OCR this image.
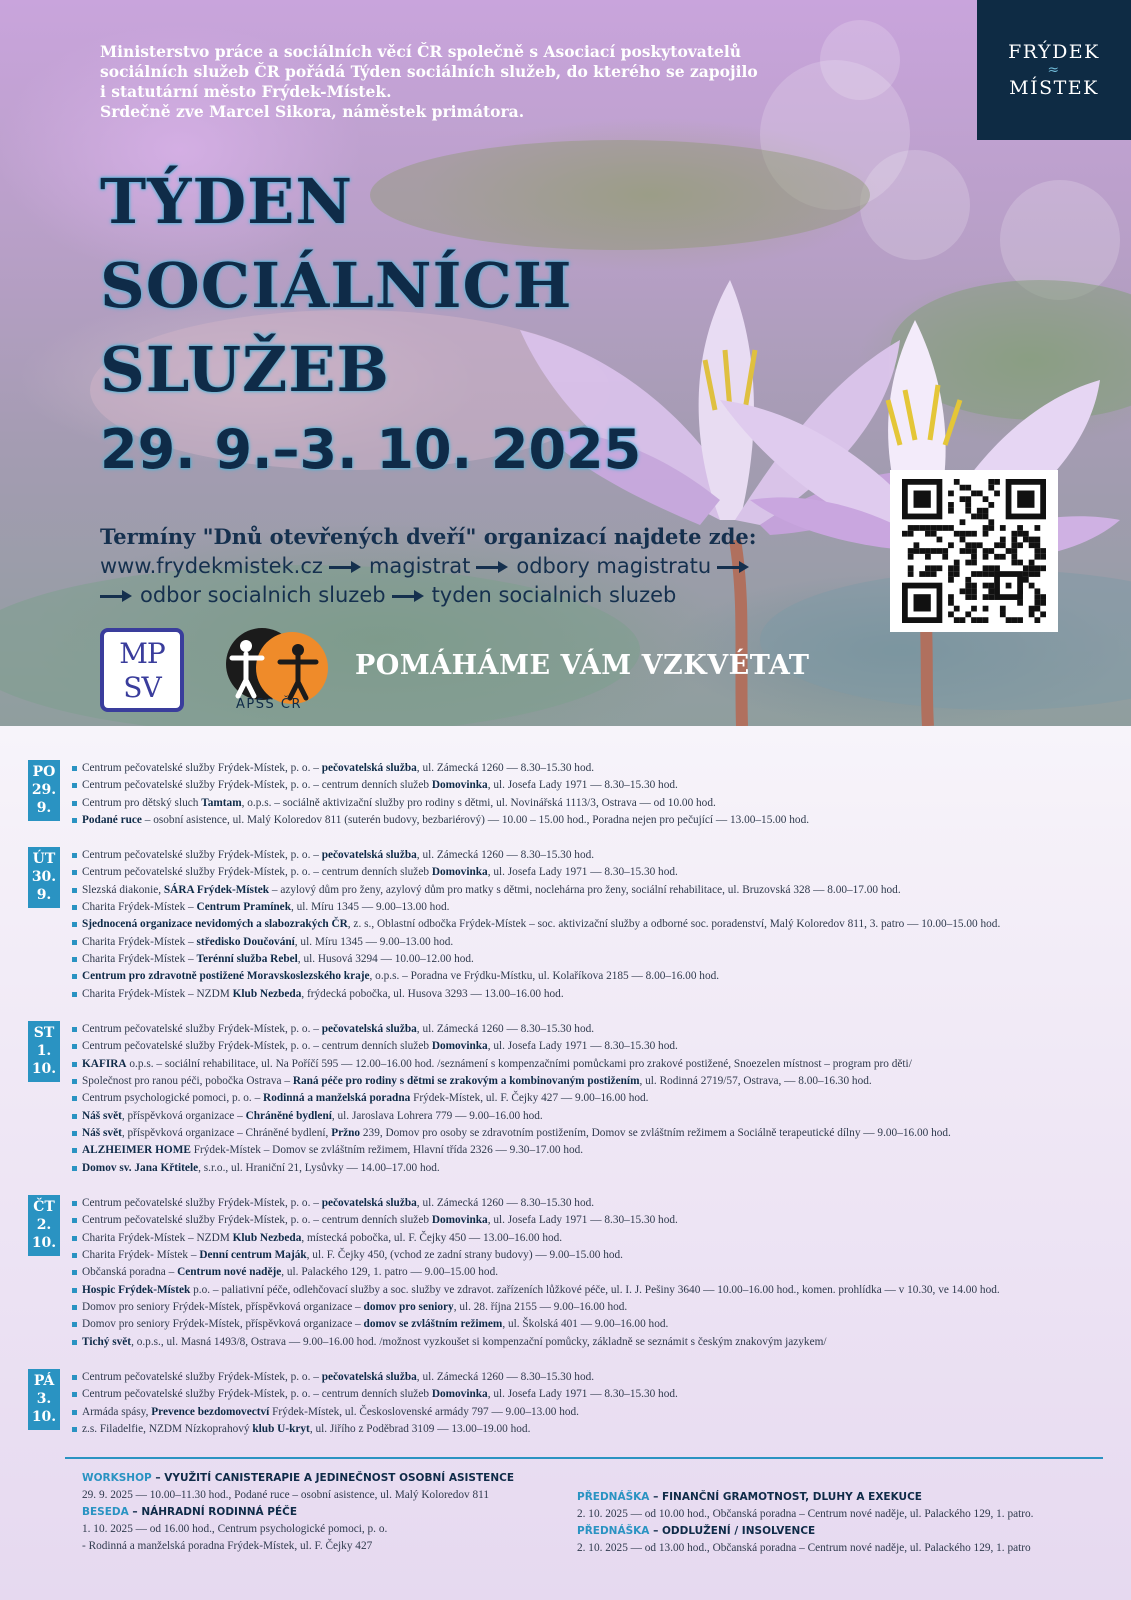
Ministerstvo práce a sociálních věcí ČR společně s Asociací poskytovatelů
sociálních služeb ČR pořádá Týden sociálních služeb, do kterého se zapojilo
i statutární město Frýdek-Místek.
Srdečně zve Marcel Sikora, náměstek primátora.
FRÝDEK
≈
MÍSTEK
TÝDEN
SOCIÁLNÍCH
SLUŽEB
29. 9.–3. 10. 2025
Termíny "Dnů otevřených dveří" organizací najdete zde:
www.frydekmistek.cz magistrat odbory magistratu
odbor socialnich sluzeb tyden socialnich sluzeb
MP
SV
APSS ČR
POMÁHÁME VÁM VZKVÉTAT
PO
29.
9.
Centrum pečovatelské služby Frýdek-Místek, p. o. – pečovatelská služba, ul. Zámecká 1260 — 8.30–15.30 hod.
Centrum pečovatelské služby Frýdek-Místek, p. o. – centrum denních služeb Domovinka, ul. Josefa Lady 1971 — 8.30–15.30 hod.
Centrum pro dětský sluch Tamtam, o.p.s. – sociálně aktivizační služby pro rodiny s dětmi, ul. Novinářská 1113/3, Ostrava — od 10.00 hod.
Podané ruce – osobní asistence, ul. Malý Koloredov 811 (suterén budovy, bezbariérový) — 10.00 – 15.00 hod., Poradna nejen pro pečující — 13.00–15.00 hod.
ÚT
30.
9.
Centrum pečovatelské služby Frýdek-Místek, p. o. – pečovatelská služba, ul. Zámecká 1260 — 8.30–15.30 hod.
Centrum pečovatelské služby Frýdek-Místek, p. o. – centrum denních služeb Domovinka, ul. Josefa Lady 1971 — 8.30–15.30 hod.
Slezská diakonie, SÁRA Frýdek-Místek – azylový dům pro ženy, azylový dům pro matky s dětmi, noclehárna pro ženy, sociální rehabilitace, ul. Bruzovská 328 — 8.00–17.00 hod.
Charita Frýdek-Místek – Centrum Pramínek, ul. Míru 1345 — 9.00–13.00 hod.
Sjednocená organizace nevidomých a slabozrakých ČR, z. s., Oblastní odbočka Frýdek-Místek – soc. aktivizační služby a odborné soc. poradenství, Malý Koloredov 811, 3. patro — 10.00–15.00 hod.
Charita Frýdek-Místek – středisko Doučování, ul. Míru 1345 — 9.00–13.00 hod.
Charita Frýdek-Místek – Terénní služba Rebel, ul. Husová 3294 — 10.00–12.00 hod.
Centrum pro zdravotně postižené Moravskoslezského kraje, o.p.s. – Poradna ve Frýdku-Místku, ul. Kolaříkova 2185 — 8.00–16.00 hod.
Charita Frýdek-Místek – NZDM Klub Nezbeda, frýdecká pobočka, ul. Husova 3293 — 13.00–16.00 hod.
ST
1.
10.
Centrum pečovatelské služby Frýdek-Místek, p. o. – pečovatelská služba, ul. Zámecká 1260 — 8.30–15.30 hod.
Centrum pečovatelské služby Frýdek-Místek, p. o. – centrum denních služeb Domovinka, ul. Josefa Lady 1971 — 8.30–15.30 hod.
KAFIRA o.p.s. – sociální rehabilitace, ul. Na Poříčí 595 — 12.00–16.00 hod. /seznámení s kompenzačními pomůckami pro zrakové postižené, Snoezelen místnost – program pro děti/
Společnost pro ranou péči, pobočka Ostrava – Raná péče pro rodiny s dětmi se zrakovým a kombinovaným postižením, ul. Rodinná 2719/57, Ostrava, — 8.00–16.30 hod.
Centrum psychologické pomoci, p. o. – Rodinná a manželská poradna Frýdek-Místek, ul. F. Čejky 427 — 9.00–16.00 hod.
Náš svět, příspěvková organizace – Chráněné bydlení, ul. Jaroslava Lohrera 779 — 9.00–16.00 hod.
Náš svět, příspěvková organizace – Chráněné bydlení, Pržno 239, Domov pro osoby se zdravotním postižením, Domov se zvláštním režimem a Sociálně terapeutické dílny — 9.00–16.00 hod.
ALZHEIMER HOME Frýdek-Místek – Domov se zvláštním režimem, Hlavní třída 2326 — 9.30–17.00 hod.
Domov sv. Jana Křtitele, s.r.o., ul. Hraniční 21, Lysůvky — 14.00–17.00 hod.
ČT
2.
10.
Centrum pečovatelské služby Frýdek-Místek, p. o. – pečovatelská služba, ul. Zámecká 1260 — 8.30–15.30 hod.
Centrum pečovatelské služby Frýdek-Místek, p. o. – centrum denních služeb Domovinka, ul. Josefa Lady 1971 — 8.30–15.30 hod.
Charita Frýdek-Místek – NZDM Klub Nezbeda, místecká pobočka, ul. F. Čejky 450 — 13.00–16.00 hod.
Charita Frýdek- Místek – Denní centrum Maják, ul. F. Čejky 450, (vchod ze zadní strany budovy) — 9.00–15.00 hod.
Občanská poradna – Centrum nové naděje, ul. Palackého 129, 1. patro — 9.00–15.00 hod.
Hospic Frýdek-Místek p.o. – paliativní péče, odlehčovací služby a soc. služby ve zdravot. zařízeních lůžkové péče, ul. I. J. Pešiny 3640 — 10.00–16.00 hod., komen. prohlídka — v 10.30, ve 14.00 hod.
Domov pro seniory Frýdek-Místek, příspěvková organizace – domov pro seniory, ul. 28. října 2155 — 9.00–16.00 hod.
Domov pro seniory Frýdek-Místek, příspěvková organizace – domov se zvláštním režimem, ul. Školská 401 — 9.00–16.00 hod.
Tichý svět, o.p.s., ul. Masná 1493/8, Ostrava — 9.00–16.00 hod. /možnost vyzkoušet si kompenzační pomůcky, základně se seznámit s českým znakovým jazykem/
PÁ
3.
10.
Centrum pečovatelské služby Frýdek-Místek, p. o. – pečovatelská služba, ul. Zámecká 1260 — 8.30–15.30 hod.
Centrum pečovatelské služby Frýdek-Místek, p. o. – centrum denních služeb Domovinka, ul. Josefa Lady 1971 — 8.30–15.30 hod.
Armáda spásy, Prevence bezdomovectví Frýdek-Místek, ul. Československé armády 797 — 9.00–13.00 hod.
z.s. Filadelfie, NZDM Nízkoprahový klub U-kryt, ul. Jiřího z Poděbrad 3109 — 13.00–19.00 hod.
WORKSHOP – VYUŽITÍ CANISTERAPIE A JEDINEČNOST OSOBNÍ ASISTENCE
29. 9. 2025 — 10.00–11.30 hod., Podané ruce – osobní asistence, ul. Malý Koloredov 811
BESEDA – NÁHRADNÍ RODINNÁ PÉČE
1. 10. 2025 — od 16.00 hod., Centrum psychologické pomoci, p. o.
- Rodinná a manželská poradna Frýdek-Místek, ul. F. Čejky 427
PŘEDNÁŠKA – FINANČNÍ GRAMOTNOST, DLUHY A EXEKUCE
2. 10. 2025 — od 10.00 hod., Občanská poradna – Centrum nové naděje, ul. Palackého 129, 1. patro.
PŘEDNÁŠKA – ODDLUŽENÍ / INSOLVENCE
2. 10. 2025 — od 13.00 hod., Občanská poradna – Centrum nové naděje, ul. Palackého 129, 1. patro
